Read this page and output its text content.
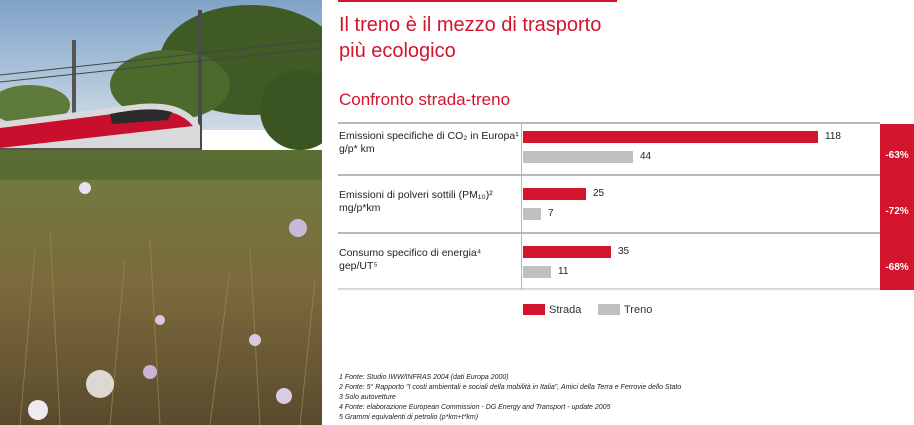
Il treno è il mezzo di trasporto
più ecologico
Confronto strada-treno
Emissioni specifiche di CO₂ in Europa¹
g/p* km
Emissioni di polveri sottili (PM₁₀)²
mg/p*km
Consumo specifico di energia⁴
gep/UT⁵
-63%
-72%
-68%
118
25
35
44
7
11
Strada	Treno
1 Fonte: Studio IWW/INFRAS 2004 (dati Europa 2000)
2 Fonte: 5° Rapporto "I costi ambientali e sociali della mobilità in Italia", Amici della Terra e Ferrovie dello Stato
3 Solo autovetture
4 Fonte: elaborazione European Commission - DG Energy and Transport - update 2005
5 Grammi equivalenti di petrolio (p*km+t*km)
